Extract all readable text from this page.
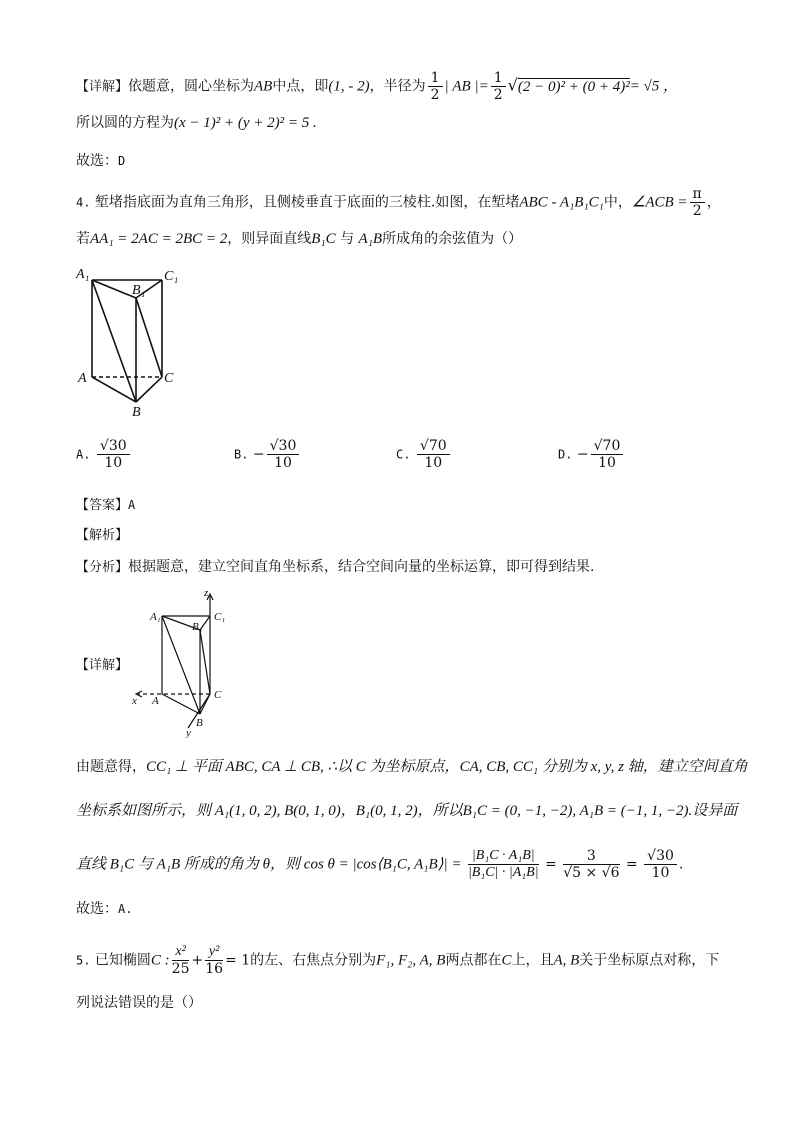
【详解】依题意，圆心坐标为AB中点，即(1, - 2)，半径为 $\frac{1}{2}$ | AB |= $\frac{1}{2} √(2 - 0)^2 + (0 + 4)^2= √5$ ，
所以圆的方程为(x − 1)² + (y + 2)² = 5 .
故选：D
4. 堑堵指底面为直角三角形，且侧棱垂直于底面的三棱柱.如图，在堑堵ABC - A₁B₁C₁中，∠ACB = $\frac{\pi}{2}$ ，
若AA₁ = 2AC = 2BC = 2，则异面直线B₁C 与 A₁B所成角的余弦值为（）
A₁
B₁
C₁
A	C
B
A. $\frac{√30}{10}$	B. − $\frac{√30}{10}$	C. $\frac{√70}{10}$	D. − $\frac{√70}{10}$
【答案】A
【解析】
【分析】根据题意，建立空间直角坐标系，结合空间向量的坐标运算，即可得到结果.
【详解】
z
A₁	C₁
B₁
x A	C
B
y
由题意得，CC₁ ⊥ 平面 ABC, CA ⊥ CB, ∴以 C 为坐标原点，CA, CB, CC₁ 分别为 x, y, z 轴，建立空间直角
坐标系如图所示，则 A₁(1, 0, 2), B(0, 1, 0)，B₁(0, 1, 2)，所以B₁C = (0, −1, −2), A₁B = (−1, 1, −2).设异面
直线 B₁C 与 A₁B 所成的角为 θ，则 cos θ = |cos⟨B₁C, A₁B⟩| = $\frac{\text{|B₁C · A₁B|}}{\text{|B₁C| · |A₁B|}} = \frac{3}{√5 \times √6} = \frac{√30}{10}$ .
故选：A.
5. 已知椭圆C : $\frac{\text{x²}}{25} + \frac{\text{y²}}{16} = 1$的左、右焦点分别为F₁, F₂, A, B两点都在C上，且A, B关于坐标原点对称，下
列说法错误的是（）
